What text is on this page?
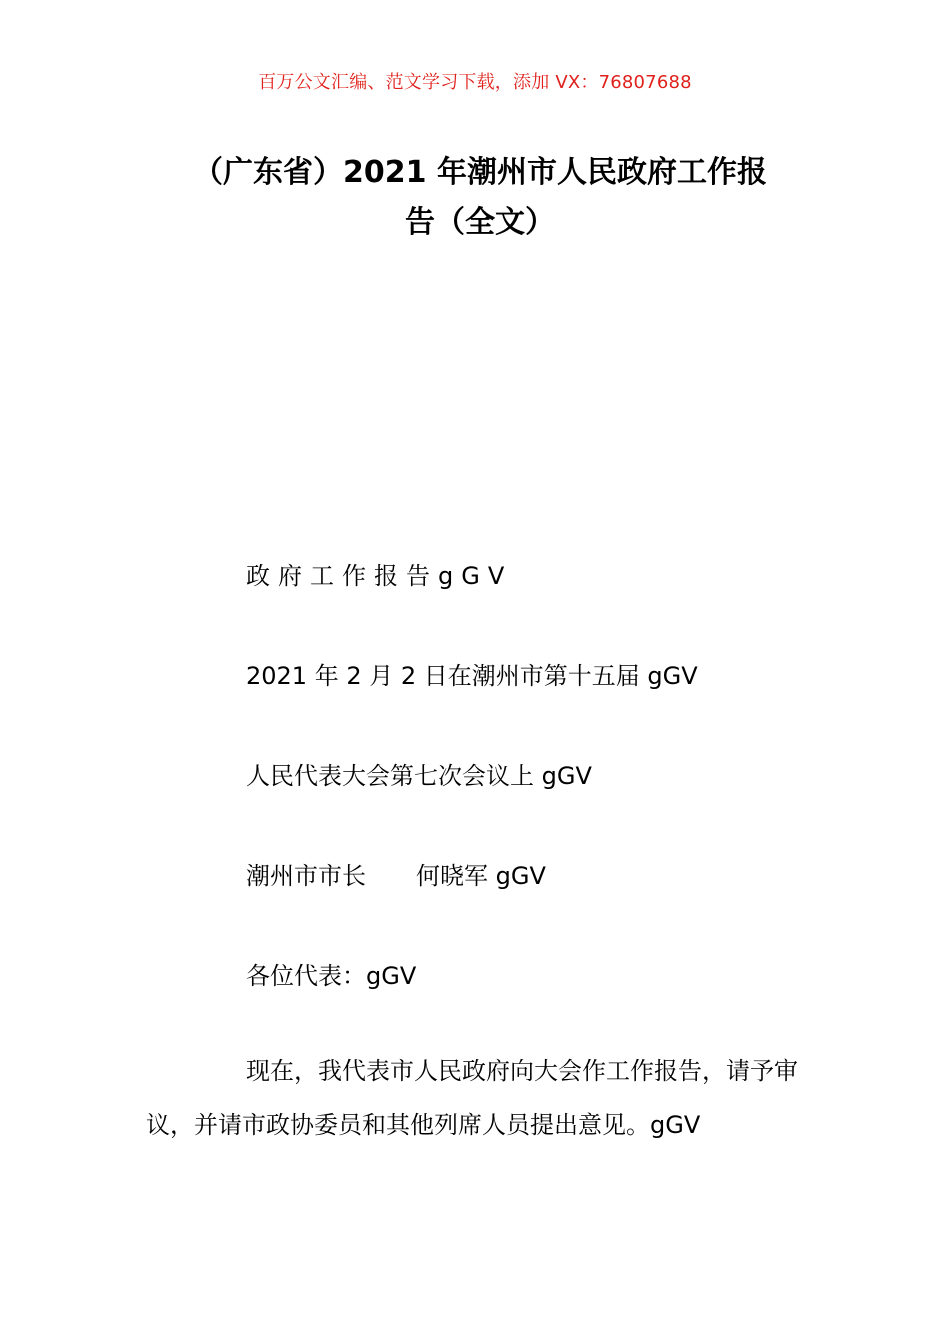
百万公文汇编、范文学习下载，添加 VX：76807688
（广东省）2021 年潮州市人民政府工作报
告（全文）
政府工作报告gGV
2021 年 2 月 2 日在潮州市第十五届 gGV
人民代表大会第七次会议上 gGV
潮州市市长 何晓军 gGV
各位代表：gGV
现在，我代表市人民政府向大会作工作报告，请予审议，并请市政协委员和其他列席人员提出意见。gGV
